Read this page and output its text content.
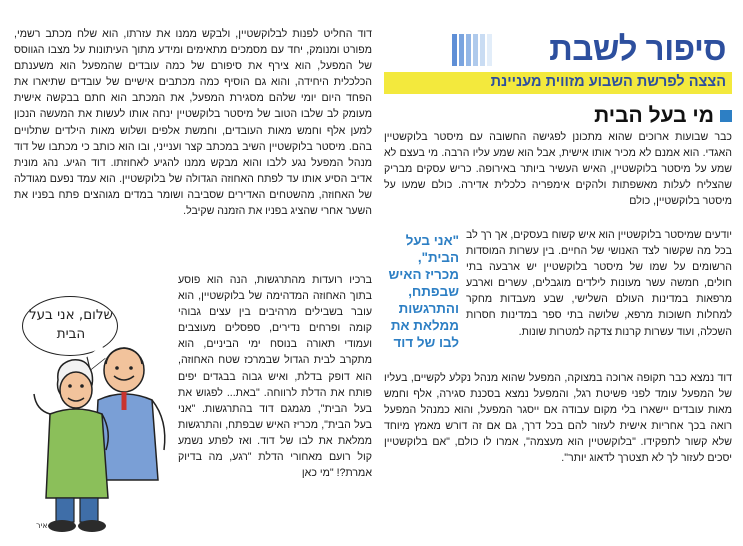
סיפור לשבת
הצצה לפרשת השבוע מזווית מעניינת
מי בעל הבית
כבר שבועות ארוכים שהוא מתכונן לפגישה החשובה עם מיסטר בלוקשטיין האגדי. הוא אמנם לא מכיר אותו אישית, אבל הוא שמע עליו הרבה. מי בעצם לא שמע על מיסטר בלוקשטיין, האיש העשיר ביותר באירופה. כריש עסקים מבריק שהצליח לעלות מאשפתות ולהקים אימפריה כלכלית אדירה. כולם שמעו על מיסטר בלוקשטיין, כולם
יודעים שמיסטר בלוקשטיין הוא איש קשוח בעסקים, אך רך לב בכל מה שקשור לצד האנושי של החיים. בין עשרות המוסדות הרשומים על שמו של מיסטר בלוקשטיין יש ארבעה בתי חולים, חמשה עשר מעונות לילדים מוגבלים, עשרים וארבע מרפאות במדינות העולם השלישי, שבע מעבדות מחקר למחלות חשוכות מרפא, שלושה בתי ספר במדינות חסרות השכלה, ועוד עשרות קרנות צדקה למטרות שונות.
"אני בעל הבית", מכריז האיש שבפתח, והתרגשות ממלאת את לבו של דוד
דוד נמצא כבר תקופה ארוכה במצוקה, המפעל שהוא מנהל נקלע לקשיים, בעליו של המפעל עומד לפני פשיטת רגל, והמפעל נמצא בסכנת סגירה, אלף וחמש מאות עובדים יישארו בלי מקום עבודה אם ייסגר המפעל, והוא כמנהל המפעל רואה בכך אחריות אישית לעזור להם בכל דרך, גם אם זה דורש מאמץ מיוחד שלא קשור לתפקידו. "בלוקשטיין הוא מעצמה", אמרו לו כולם, "אם בלוקשטיין יסכים לעזור לך לא תצטרך לדאוג יותר".
דוד החליט לפנות לבלוקשטיין, ולבקש ממנו את עזרתו, הוא שלח מכתב רשמי, מפורט ומנומק, יחד עם מסמכים מתאימים ומידע מתוך העיתונות על מצבו הגווסס של המפעל, הוא צירף את סיפורם של כמה עובדים שהמפעל הוא משענתם הכלכלית היחידה, והוא גם הוסיף כמה מכתבים אישיים של עובדים שתיארו את הפחד היום יומי שלהם מסגירת המפעל, את המכתב הוא חתם בבקשה אישית מעומק לב שלבו הטוב של מיסטר בלוקשטיין ינחה אותו לעשות את המעשה הנכון למען אלף וחמש מאות העובדים, וחמשת אלפים ושלוש מאות הילדים שתלויים בהם. מיסטר בלוקשטיין השיב במכתב קצר וענייני, ובו הוא כותב כי מכתבו של דוד מנהל המפעל נגע ללבו והוא מבקש ממנו להגיע לאחוזתו. דוד הגיע. נהג מונית אדיב הסיע אותו עד לפתח האחוזה הגדולה של בלוקשטיין. הוא עמד נפעם מגודלה של האחוזה, מהשטחים האדירים שסביבה ושומר במדים מגוהצים פתח בפניו את השער אחרי שהציג בפניו את הזמנה שקיבל.
ברכיו רועדות מהתרגשות, הנה הוא פוסע בתוך האחוזה המדהימה של בלוקשטיין, הוא עובר בשבילים מרהיבים בין עצים גבוהי קומה ופרחים נדירים, ספסלים מעוצבים ועמודי תאורה בנוסח ימי הביניים, הוא מתקרב לבית הגדול שבמרכז שטח האחוזה, הוא דופק בדלת, ואיש גבוה בבגדים יפים פותח את הדלת לרווחה. "באת... לפגוש את בעל הבית", מגמגם דוד בהתרגשות. "אני בעל הבית", מכריז האיש שבפתח, והתרגשות ממלאת את לבו של דוד. ואז לפתע נשמע קול רועם מאחורי הדלת "רגע, מה בדיוק אמרת?! "מי כאן
שלום, אני בעל הבית
איר
